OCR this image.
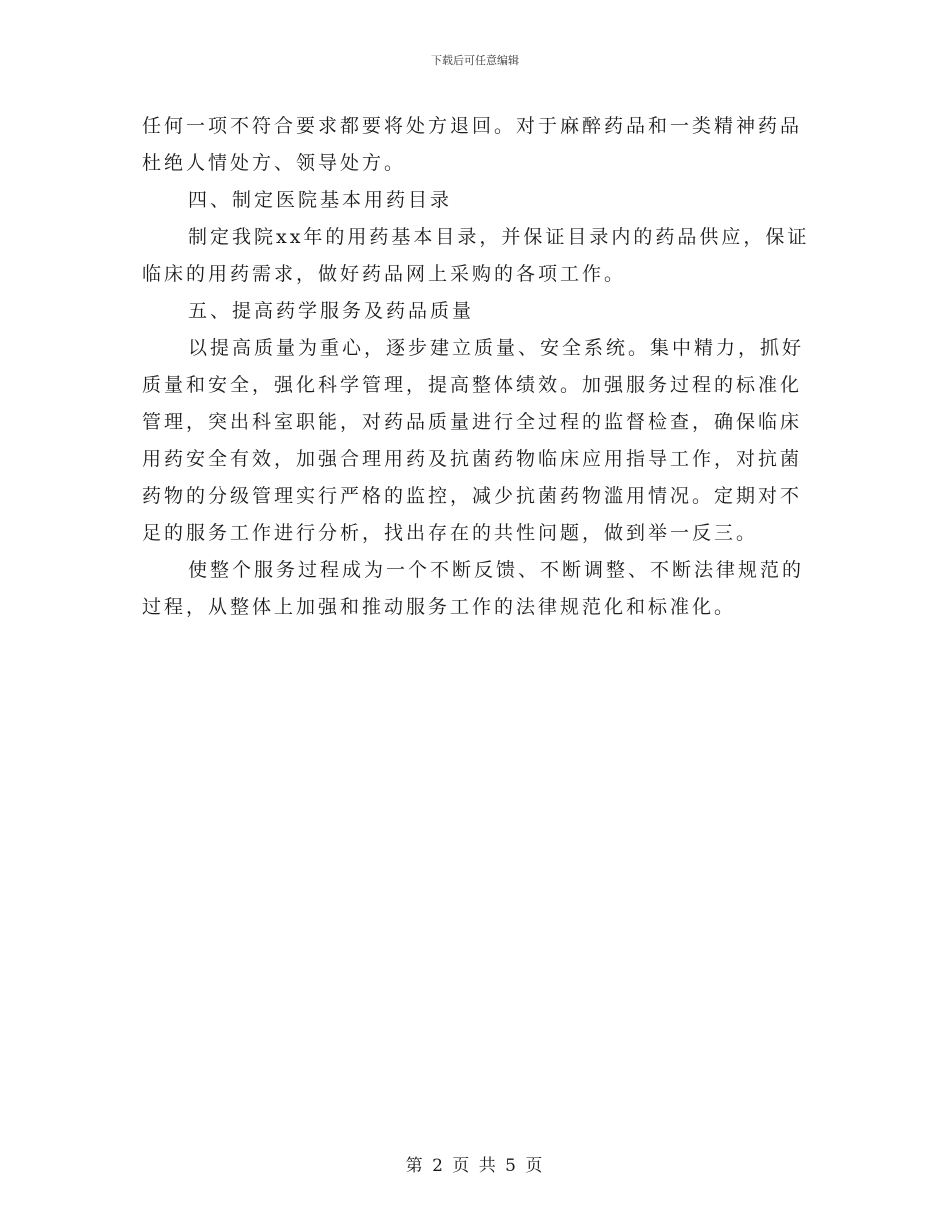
下载后可任意编辑
任何一项不符合要求都要将处方退回。对于麻醉药品和一类精神药品
杜绝人情处方、领导处方。
四、制定医院基本用药目录
制定我院xx年的用药基本目录，并保证目录内的药品供应，保证
临床的用药需求，做好药品网上采购的各项工作。
五、提高药学服务及药品质量
以提高质量为重心，逐步建立质量、安全系统。集中精力，抓好
质量和安全，强化科学管理，提高整体绩效。加强服务过程的标准化
管理，突出科室职能，对药品质量进行全过程的监督检查，确保临床
用药安全有效，加强合理用药及抗菌药物临床应用指导工作，对抗菌
药物的分级管理实行严格的监控，减少抗菌药物滥用情况。定期对不
足的服务工作进行分析，找出存在的共性问题，做到举一反三。
使整个服务过程成为一个不断反馈、不断调整、不断法律规范的
过程，从整体上加强和推动服务工作的法律规范化和标准化。
第 2 页 共 5 页
